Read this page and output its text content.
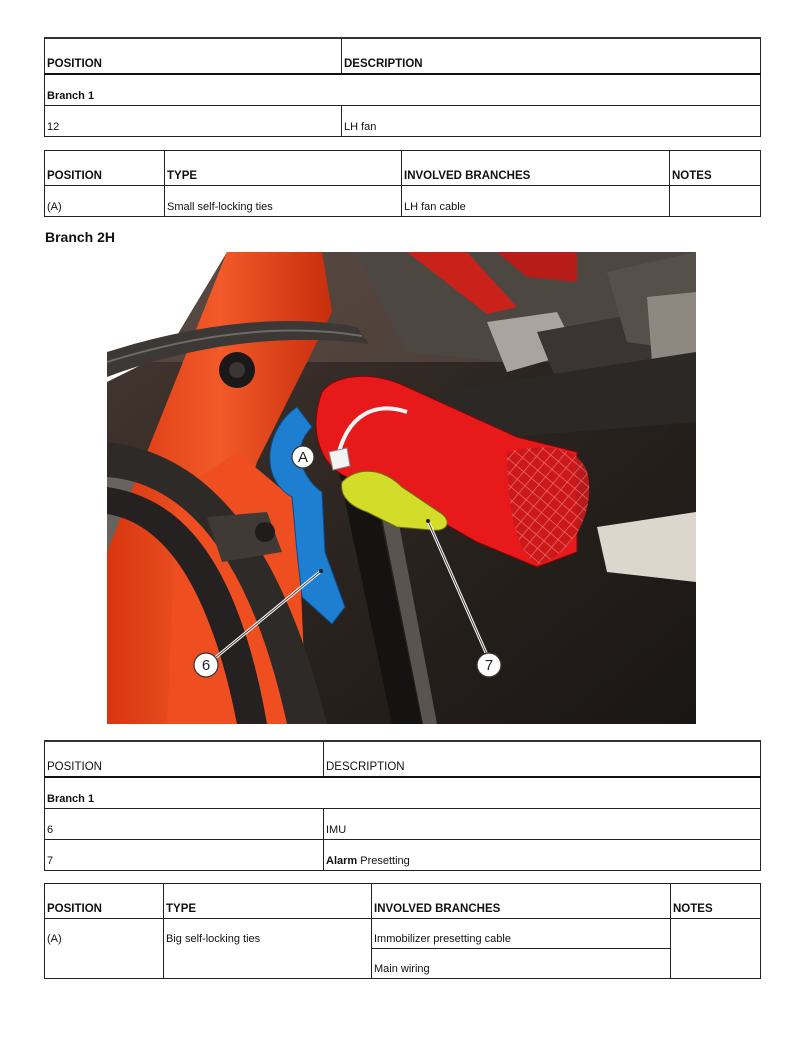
POSITION	DESCRIPTION
Branch 1	
12	LH fan
POSITION	TYPE	INVOLVED BRANCHES	NOTES
(A)	Small self-locking ties	LH fan cable	
Branch 2H
A
6	7
POSITION	DESCRIPTION
Branch 1	
6	IMU
7	Alarm Presetting
POSITION	TYPE	INVOLVED BRANCHES	NOTES
(A)	Big self-locking ties	Immobilizer presetting cable	
		Main wiring	
